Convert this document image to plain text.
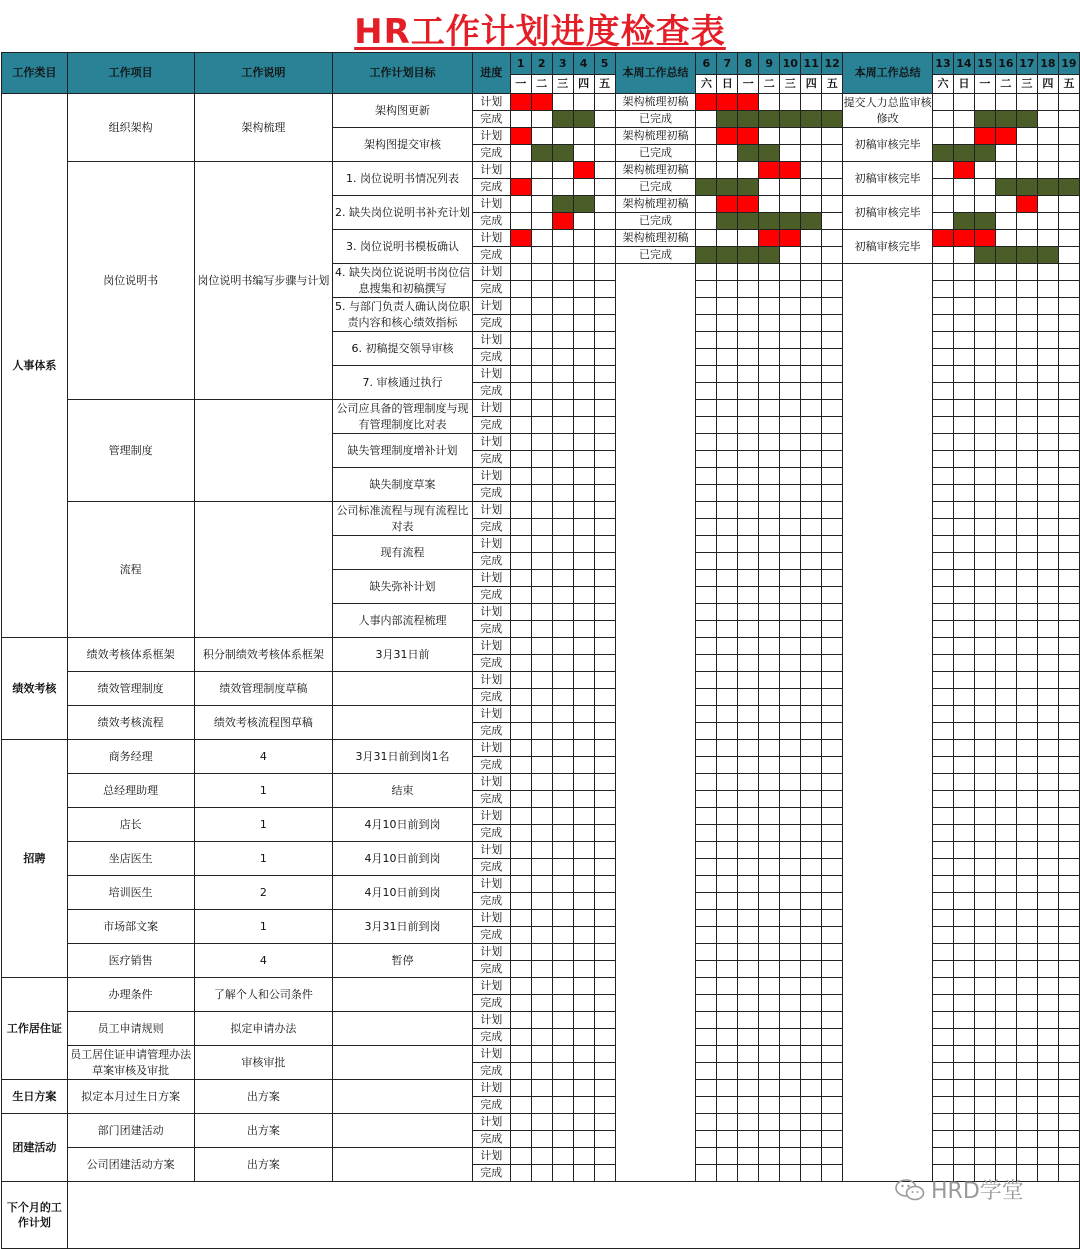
HR工作计划进度检查表
工作类目	工作项目	工作说明	工作计划目标	进度	1	2	3	4	5	本周工作总结	6	7	8	9	10	11	12	本周工作总结	13	14	15	16	17	18	19
					一	二	三	四	五		六	日	一	二	三	四	五		六	日	一	二	三	四	五
人事体系	组织架构	架构梳理	架构图更新	计划						架构梳理初稿								提交人力总监审核修改							
				完成						已完成															
			架构图提交审核	计划						架构梳理初稿								初稿审核完毕							
				完成						已完成															
	岗位说明书	岗位说明书编写步骤与计划	1. 岗位说明书情况列表	计划						架构梳理初稿								初稿审核完毕							
				完成						已完成															
			2. 缺失岗位说明书补充计划	计划						架构梳理初稿								初稿审核完毕							
				完成						已完成															
			3. 岗位说明书模板确认	计划						架构梳理初稿								初稿审核完毕							
				完成						已完成															
			4. 缺失岗位说说明书岗位信息搜集和初稿撰写	计划																					
				完成																					
			5. 与部门负责人确认岗位职责内容和核心绩效指标	计划																					
				完成																					
			6. 初稿提交领导审核	计划																					
				完成																					
			7. 审核通过执行	计划																					
				完成																					
	管理制度		公司应具备的管理制度与现有管理制度比对表	计划																					
				完成																					
			缺失管理制度增补计划	计划																					
				完成																					
			缺失制度草案	计划																					
				完成																					
	流程		公司标准流程与现有流程比对表	计划																					
				完成																					
			现有流程	计划																					
				完成																					
			缺失弥补计划	计划																					
				完成																					
			人事内部流程梳理	计划																					
				完成																					
绩效考核	绩效考核体系框架	积分制绩效考核体系框架	3月31日前	计划																					
				完成																					
	绩效管理制度	绩效管理制度草稿		计划																					
				完成																					
	绩效考核流程	绩效考核流程图草稿		计划																					
				完成																					
招聘	商务经理	4	3月31日前到岗1名	计划																					
				完成																					
	总经理助理	1	结束	计划																					
				完成																					
	店长	1	4月10日前到岗	计划																					
				完成																					
	坐店医生	1	4月10日前到岗	计划																					
				完成																					
	培训医生	2	4月10日前到岗	计划																					
				完成																					
	市场部文案	1	3月31日前到岗	计划																					
				完成																					
	医疗销售	4	暂停	计划																					
				完成																					
工作居住证	办理条件	了解个人和公司条件		计划																					
				完成																					
	员工申请规则	拟定申请办法		计划																					
				完成																					
	员工居住证申请管理办法草案审核及审批	审核审批		计划																					
				完成																					
生日方案	拟定本月过生日方案	出方案		计划																					
				完成																					
团建活动	部门团建活动	出方案		计划																					
				完成																					
	公司团建活动方案	出方案		计划																					
				完成																					
下个月的工作计划																									
HRD学堂
